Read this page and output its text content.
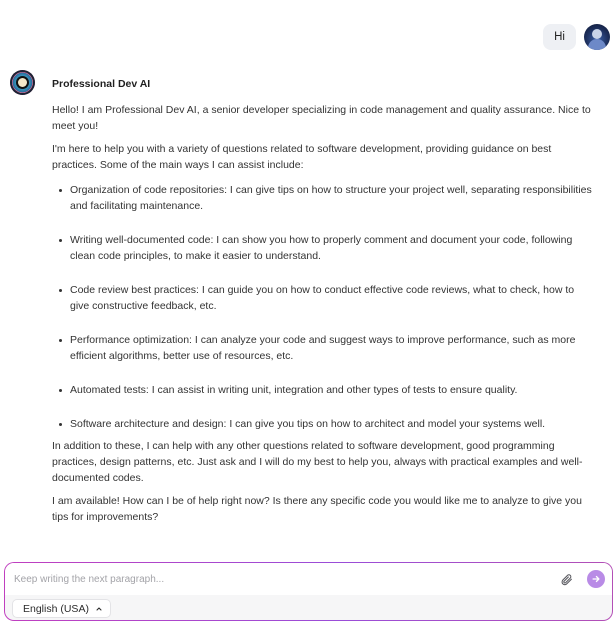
Hi
Professional Dev AI

Hello! I am Professional Dev AI, a senior developer specializing in code management and quality assurance. Nice to meet you!

I'm here to help you with a variety of questions related to software development, providing guidance on best practices. Some of the main ways I can assist include:

Organization of code repositories: I can give tips on how to structure your project well, separating responsibilities and facilitating maintenance.
Writing well-documented code: I can show you how to properly comment and document your code, following clean code principles, to make it easier to understand.
Code review best practices: I can guide you on how to conduct effective code reviews, what to check, how to give constructive feedback, etc.
Performance optimization: I can analyze your code and suggest ways to improve performance, such as more efficient algorithms, better use of resources, etc.
Automated tests: I can assist in writing unit, integration and other types of tests to ensure quality.
Software architecture and design: I can give you tips on how to architect and model your systems well.

In addition to these, I can help with any other questions related to software development, good programming practices, design patterns, etc. Just ask and I will do my best to help you, always with practical examples and well-documented codes.

I am available! How can I be of help right now? Is there any specific code you would like me to analyze to give you tips for improvements?

Keep writing the next paragraph...
English (USA)
